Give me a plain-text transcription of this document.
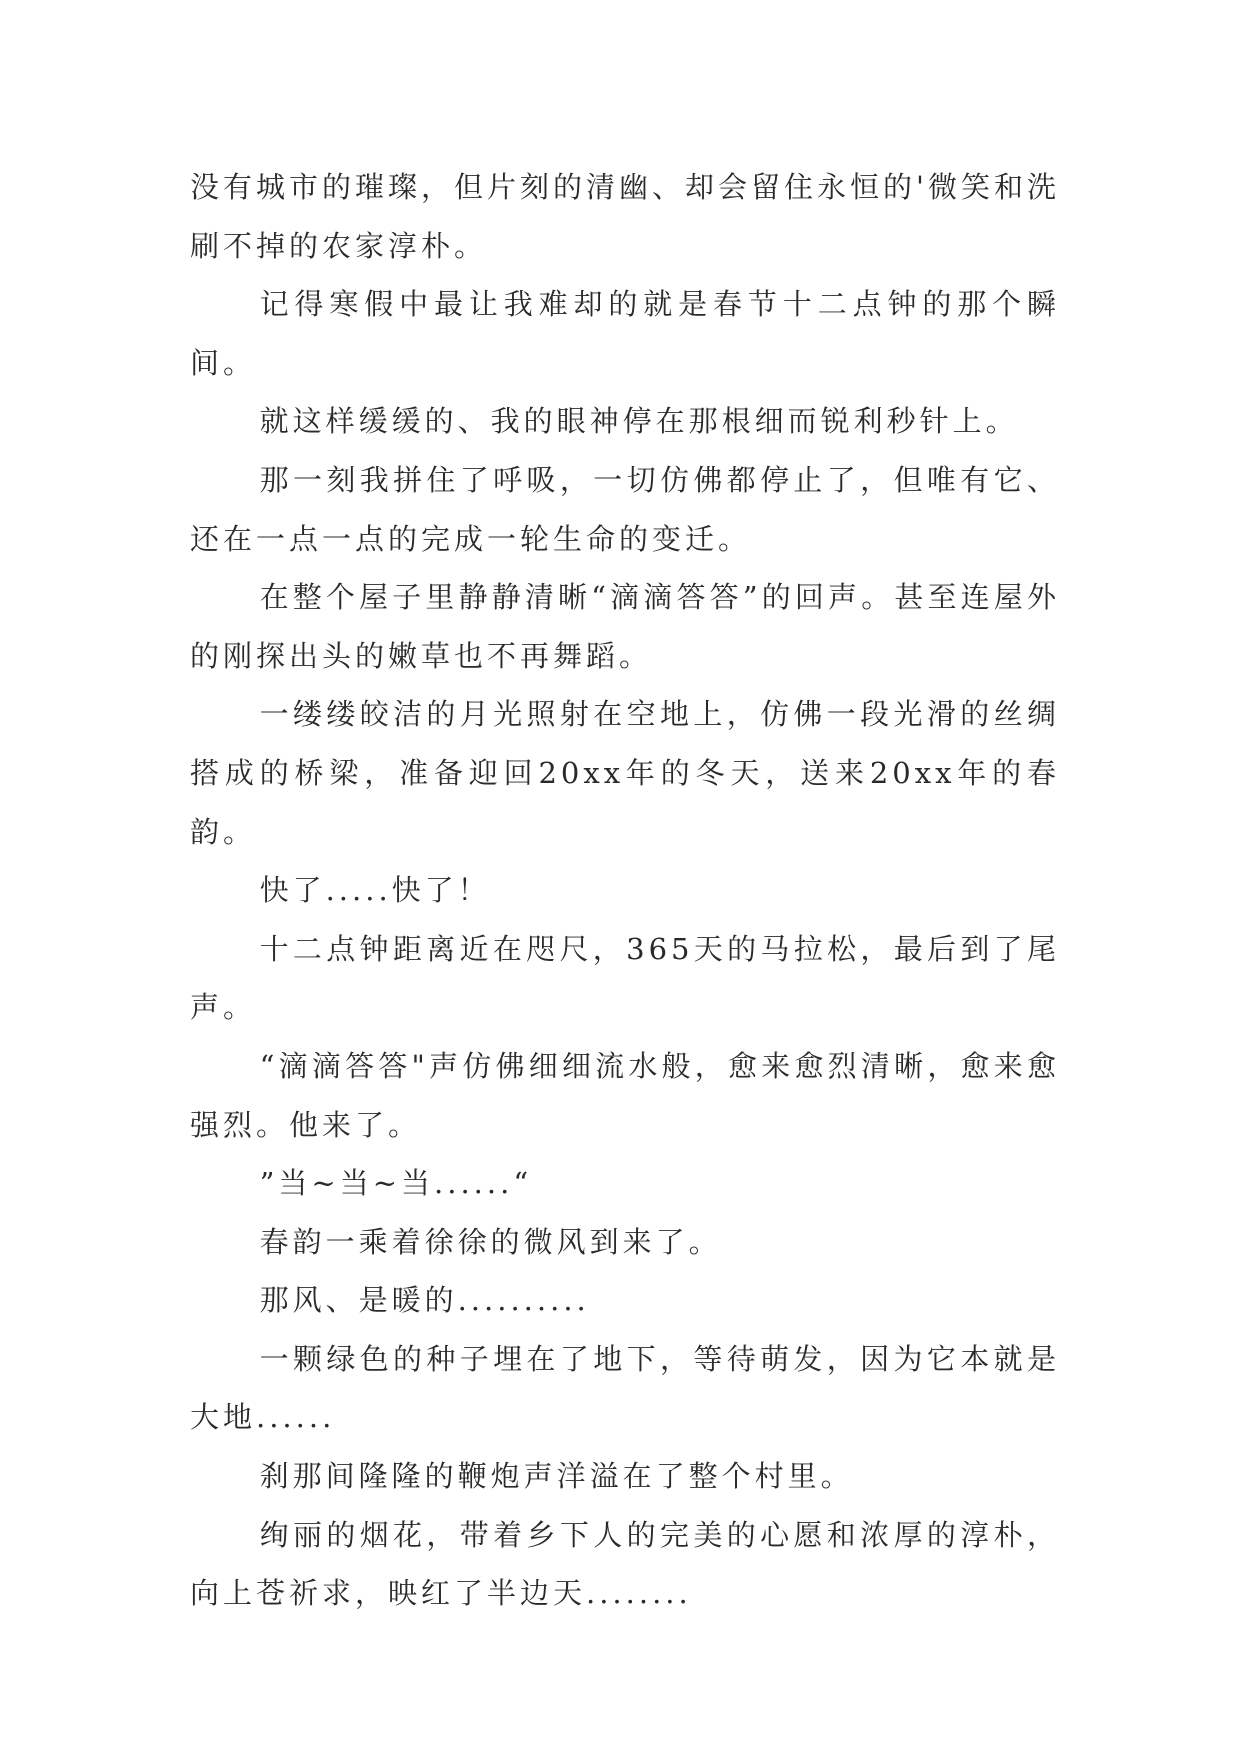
没有城市的璀璨，但片刻的清幽、却会留住永恒的'微笑和洗刷不掉的农家淳朴。

记得寒假中最让我难却的就是春节十二点钟的那个瞬间。

就这样缓缓的、我的眼神停在那根细而锐利秒针上。

那一刻我拼住了呼吸，一切仿佛都停止了，但唯有它、还在一点一点的完成一轮生命的变迁。

在整个屋子里静静清晰“滴滴答答”的回声。甚至连屋外的刚探出头的嫩草也不再舞蹈。

一缕缕皎洁的月光照射在空地上，仿佛一段光滑的丝绸搭成的桥梁，准备迎回20xx年的冬天，送来20xx年的春韵。

快了.....快了！

十二点钟距离近在咫尺，365天的马拉松，最后到了尾声。

“滴滴答答"声仿佛细细流水般，愈来愈烈清晰，愈来愈强烈。他来了。

”当~当~当......“

春韵一乘着徐徐的微风到来了。

那风、是暖的..........

一颗绿色的种子埋在了地下，等待萌发，因为它本就是大地......

刹那间隆隆的鞭炮声洋溢在了整个村里。

绚丽的烟花，带着乡下人的完美的心愿和浓厚的淳朴，向上苍祈求，映红了半边天........
